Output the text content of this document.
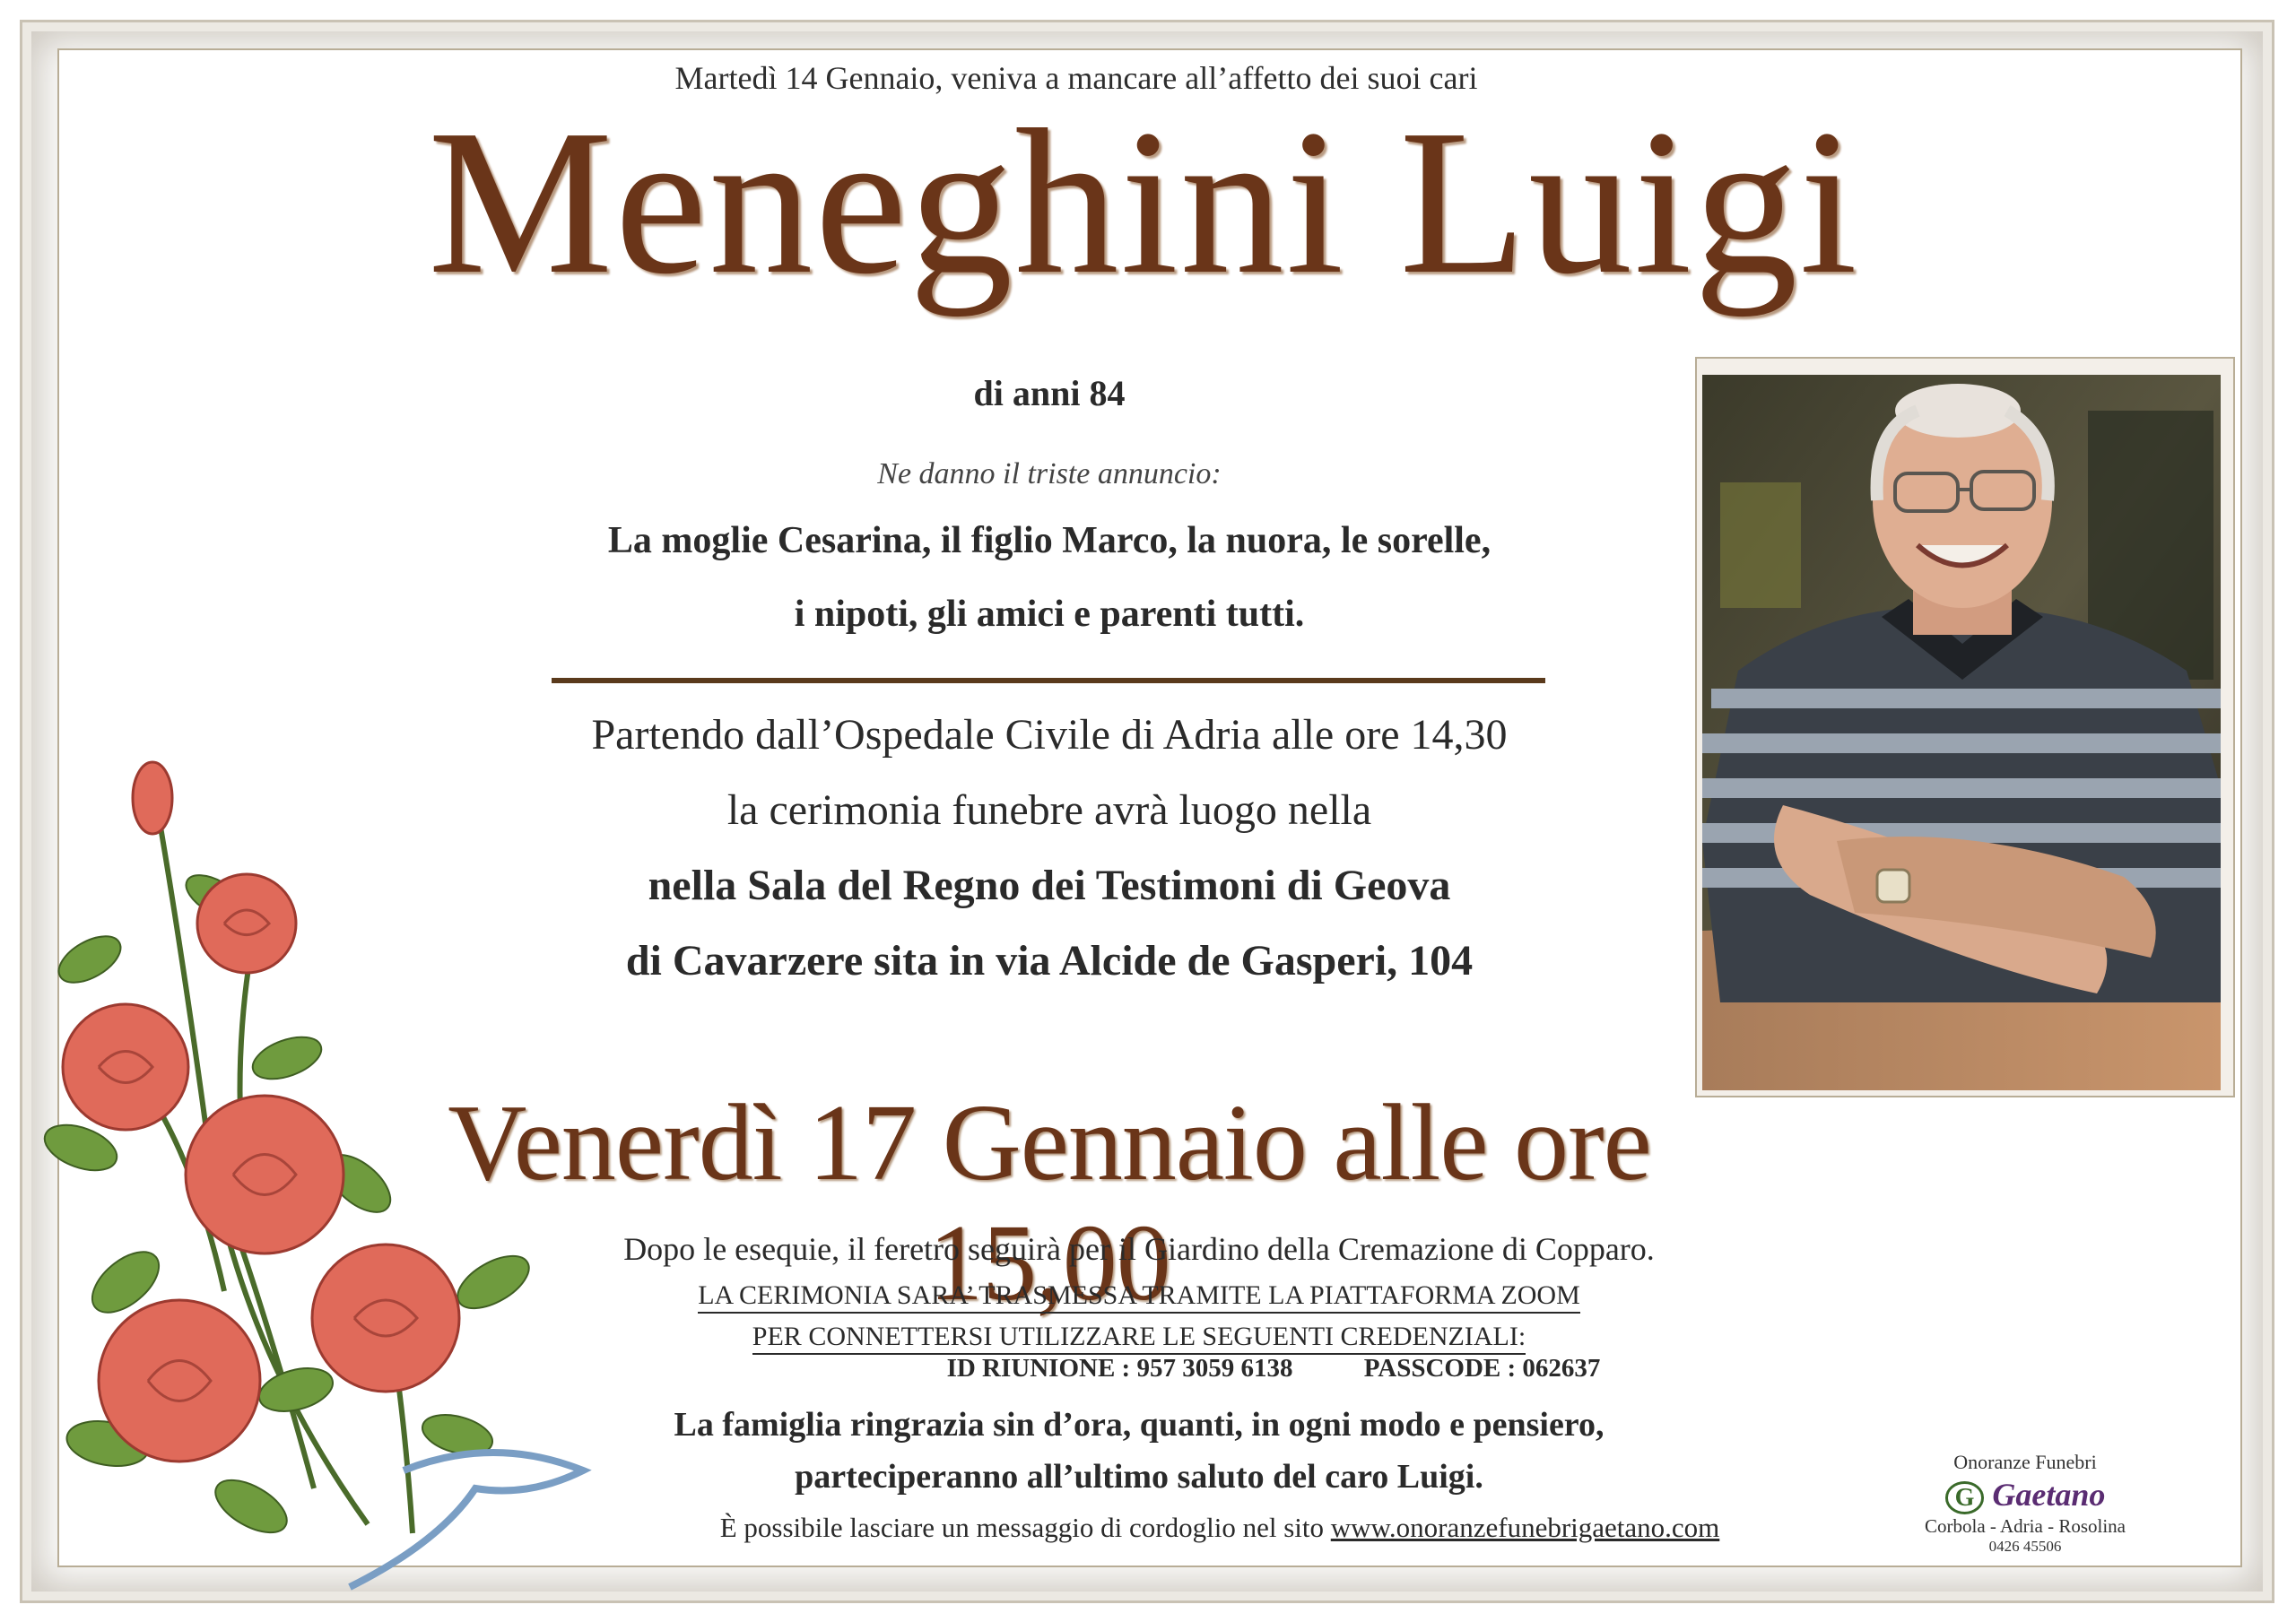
Martedì 14 Gennaio, veniva a mancare all’affetto dei suoi cari
Meneghini Luigi
di anni 84
Ne danno il triste annuncio:
La moglie Cesarina, il figlio Marco, la nuora, le sorelle,
i nipoti, gli amici e parenti tutti.
Partendo dall’Ospedale Civile di Adria alle ore 14,30
la cerimonia funebre avrà luogo nella
nella Sala del Regno dei Testimoni di Geova
di Cavarzere sita in via Alcide de Gasperi, 104
Venerdì 17 Gennaio alle ore 15,00
Dopo le esequie, il feretro seguirà per il Giardino della Cremazione di Copparo.
LA CERIMONIA SARA’ TRASMESSA TRAMITE LA PIATTAFORMA ZOOM
PER CONNETTERSI UTILIZZARE LE SEGUENTI CREDENZIALI:
ID RIUNIONE : 957 3059 6138	PASSCODE : 062637
La famiglia ringrazia sin d’ora, quanti, in ogni modo e pensiero,
parteciperanno all’ultimo saluto del caro Luigi.
È possibile lasciare un messaggio di cordoglio nel sito www.onoranzefunebrigaetano.com
Onoranze Funebri
G Gaetano
Corbola - Adria - Rosolina
0426 45506
